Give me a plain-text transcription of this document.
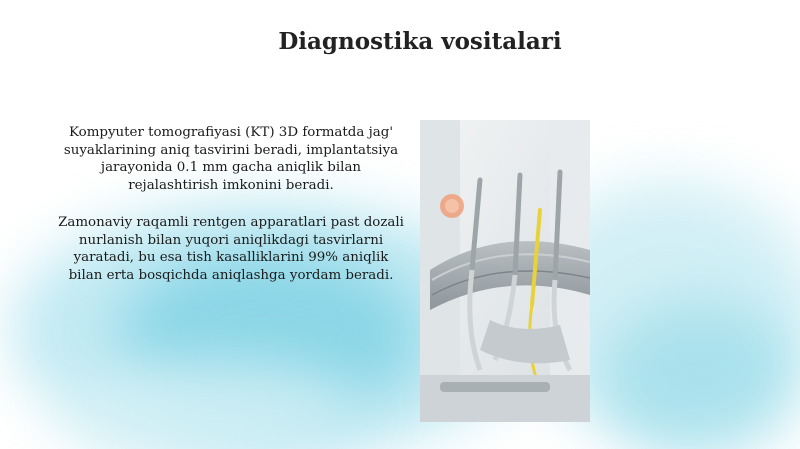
Diagnostika vositalari

Kompyuter tomografiyasi (KT) 3D formatda jag' suyaklarining aniq tasvirini beradi, implantatsiya jarayonida 0.1 mm gacha aniqlik bilan rejalashtirish imkonini beradi.

Zamonaviy raqamli rentgen apparatlari past dozali nurlanish bilan yuqori aniqlikdagi tasvirlarni yaratadi, bu esa tish kasalliklarini 99% aniqlik bilan erta bosqichda aniqlashga yordam beradi.
